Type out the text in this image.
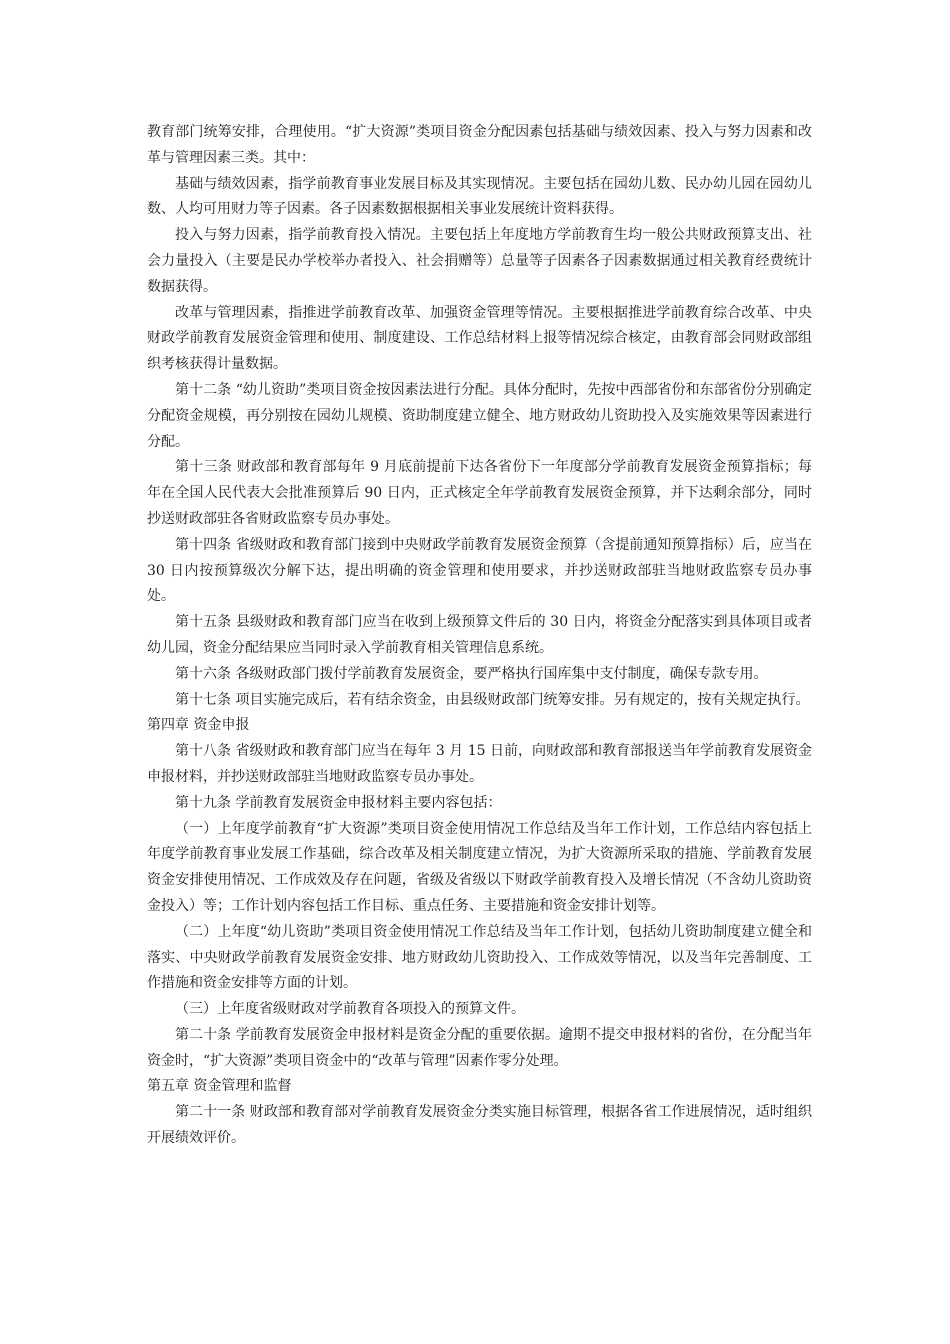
教育部门统筹安排，合理使用。“扩大资源”类项目资金分配因素包括基础与绩效因素、投入与努力因素和改革与管理因素三类。其中：

基础与绩效因素，指学前教育事业发展目标及其实现情况。主要包括在园幼儿数、民办幼儿园在园幼儿数、人均可用财力等子因素。各子因素数据根据相关事业发展统计资料获得。

投入与努力因素，指学前教育投入情况。主要包括上年度地方学前教育生均一般公共财政预算支出、社会力量投入（主要是民办学校举办者投入、社会捐赠等）总量等子因素各子因素数据通过相关教育经费统计数据获得。

改革与管理因素，指推进学前教育改革、加强资金管理等情况。主要根据推进学前教育综合改革、中央财政学前教育发展资金管理和使用、制度建设、工作总结材料上报等情况综合核定，由教育部会同财政部组织考核获得计量数据。

第十二条 “幼儿资助”类项目资金按因素法进行分配。具体分配时，先按中西部省份和东部省份分别确定分配资金规模，再分别按在园幼儿规模、资助制度建立健全、地方财政幼儿资助投入及实施效果等因素进行分配。

第十三条 财政部和教育部每年 9 月底前提前下达各省份下一年度部分学前教育发展资金预算指标；每年在全国人民代表大会批准预算后 90 日内，正式核定全年学前教育发展资金预算，并下达剩余部分，同时抄送财政部驻各省财政监察专员办事处。

第十四条 省级财政和教育部门接到中央财政学前教育发展资金预算（含提前通知预算指标）后，应当在 30 日内按预算级次分解下达，提出明确的资金管理和使用要求，并抄送财政部驻当地财政监察专员办事处。

第十五条 县级财政和教育部门应当在收到上级预算文件后的 30 日内，将资金分配落实到具体项目或者幼儿园，资金分配结果应当同时录入学前教育相关管理信息系统。

第十六条 各级财政部门拨付学前教育发展资金，要严格执行国库集中支付制度，确保专款专用。

第十七条 项目实施完成后，若有结余资金，由县级财政部门统筹安排。另有规定的，按有关规定执行。

第四章 资金申报

第十八条 省级财政和教育部门应当在每年 3 月 15 日前，向财政部和教育部报送当年学前教育发展资金申报材料，并抄送财政部驻当地财政监察专员办事处。

第十九条 学前教育发展资金申报材料主要内容包括：

（一）上年度学前教育“扩大资源”类项目资金使用情况工作总结及当年工作计划，工作总结内容包括上年度学前教育事业发展工作基础，综合改革及相关制度建立情况，为扩大资源所采取的措施、学前教育发展资金安排使用情况、工作成效及存在问题，省级及省级以下财政学前教育投入及增长情况（不含幼儿资助资金投入）等；工作计划内容包括工作目标、重点任务、主要措施和资金安排计划等。

（二）上年度“幼儿资助”类项目资金使用情况工作总结及当年工作计划，包括幼儿资助制度建立健全和落实、中央财政学前教育发展资金安排、地方财政幼儿资助投入、工作成效等情况，以及当年完善制度、工作措施和资金安排等方面的计划。

（三）上年度省级财政对学前教育各项投入的预算文件。

第二十条 学前教育发展资金申报材料是资金分配的重要依据。逾期不提交申报材料的省份，在分配当年资金时，“扩大资源”类项目资金中的“改革与管理”因素作零分处理。

第五章 资金管理和监督

第二十一条 财政部和教育部对学前教育发展资金分类实施目标管理，根据各省工作进展情况，适时组织开展绩效评价。
